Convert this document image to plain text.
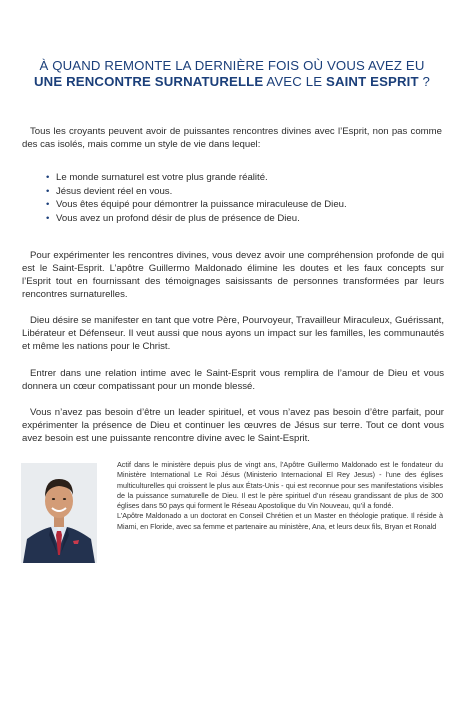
À QUAND REMONTE LA DERNIÈRE FOIS OÙ VOUS AVEZ EU
UNE RENCONTRE SURNATURELLE AVEC LE SAINT ESPRIT ?

Tous les croyants peuvent avoir de puissantes rencontres divines avec l’Esprit, non pas comme des cas isolés, mais comme un style de vie dans lequel:

• Le monde surnaturel est votre plus grande réalité.
• Jésus devient réel en vous.
• Vous êtes équipé pour démontrer la puissance miraculeuse de Dieu.
• Vous avez un profond désir de plus de présence de Dieu.

Pour expérimenter les rencontres divines, vous devez avoir une compréhension profonde de qui est le Saint-Esprit. L’apôtre Guillermo Maldonado élimine les doutes et les faux concepts sur l’Esprit tout en fournissant des témoignages saisissants de personnes transformées par leurs rencontres surnaturelles.

Dieu désire se manifester en tant que votre Père, Pourvoyeur, Travailleur Miraculeux, Guérissant, Libérateur et Défenseur. Il veut aussi que nous ayons un impact sur les familles, les communautés et même les nations pour le Christ.

Entrer dans une relation intime avec le Saint-Esprit vous remplira de l’amour de Dieu et vous donnera un cœur compatissant pour un monde blessé.

Vous n’avez pas besoin d’être un leader spirituel, et vous n’avez pas besoin d’être parfait, pour expérimenter la présence de Dieu et continuer les œuvres de Jésus sur terre. Tout ce dont vous avez besoin est une puissante rencontre divine avec le Saint-Esprit.

Actif dans le ministère depuis plus de vingt ans, l’Apôtre Guillermo Maldonado est le fondateur du Ministère International Le Roi Jésus (Ministerio Internacional El Rey Jesus) - l’une des églises multiculturelles qui croissent le plus aux États-Unis - qui est reconnue pour ses manifestations visibles de la puissance surnaturelle de Dieu. Il est le père spirituel d’un réseau grandissant de plus de 300 églises dans 50 pays qui forment le Réseau Apostolique du Vin Nouveau, qu’il a fondé.

L’Apôtre Maldonado a un doctorat en Conseil Chrétien et un Master en théologie pratique. Il réside à Miami, en Floride, avec sa femme et partenaire au ministère, Ana, et leurs deux fils, Bryan et Ronald
